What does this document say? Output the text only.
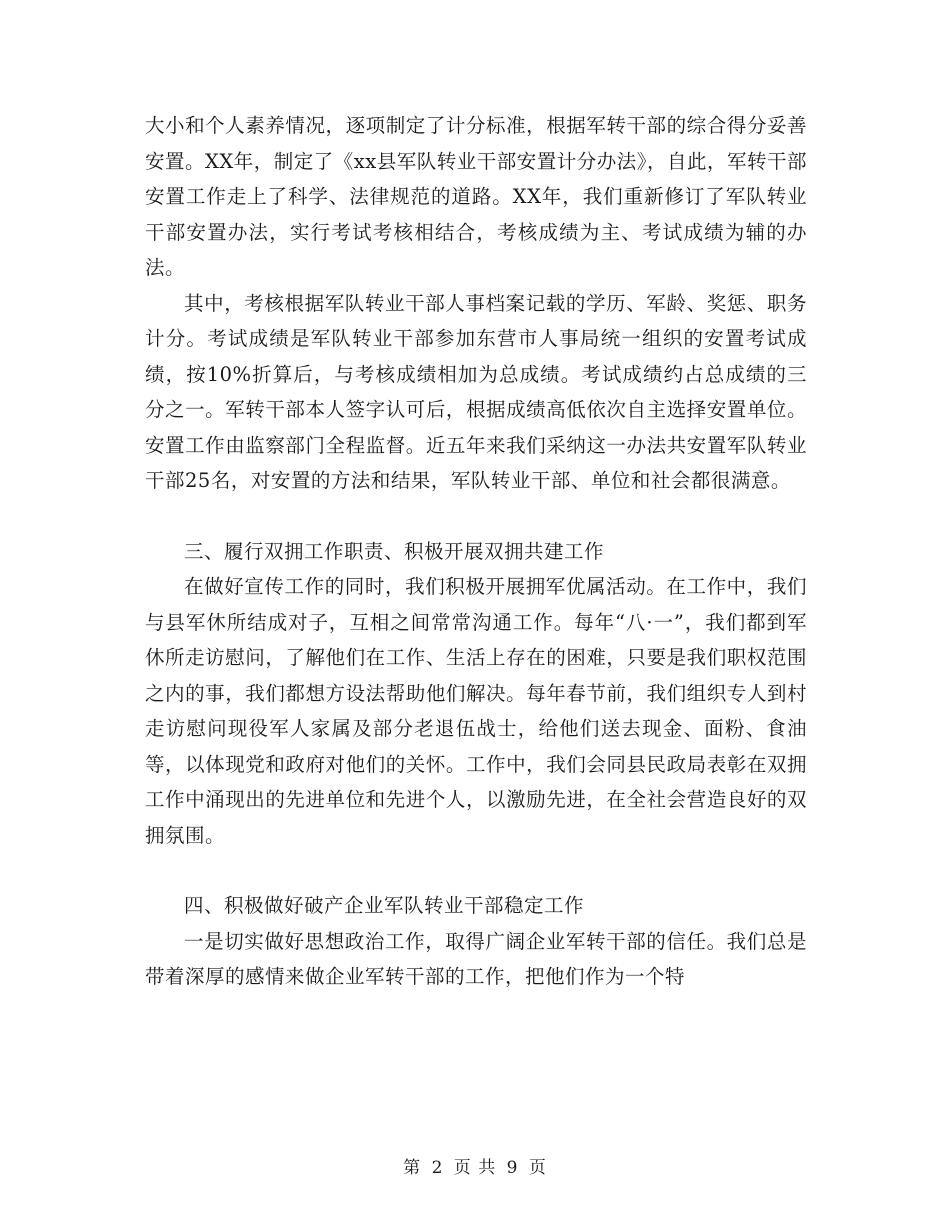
大小和个人素养情况，逐项制定了计分标准，根据军转干部的综合得分妥善安置。XX年，制定了《xx县军队转业干部安置计分办法》，自此，军转干部安置工作走上了科学、法律规范的道路。XX年，我们重新修订了军队转业干部安置办法，实行考试考核相结合，考核成绩为主、考试成绩为辅的办法。

其中，考核根据军队转业干部人事档案记载的学历、军龄、奖惩、职务计分。考试成绩是军队转业干部参加东营市人事局统一组织的安置考试成绩，按10%折算后，与考核成绩相加为总成绩。考试成绩约占总成绩的三分之一。军转干部本人签字认可后，根据成绩高低依次自主选择安置单位。安置工作由监察部门全程监督。近五年来我们采纳这一办法共安置军队转业干部25名，对安置的方法和结果，军队转业干部、单位和社会都很满意。

三、履行双拥工作职责、积极开展双拥共建工作

在做好宣传工作的同时，我们积极开展拥军优属活动。在工作中，我们与县军休所结成对子，互相之间常常沟通工作。每年“八·一”，我们都到军休所走访慰问，了解他们在工作、生活上存在的困难，只要是我们职权范围之内的事，我们都想方设法帮助他们解决。每年春节前，我们组织专人到村走访慰问现役军人家属及部分老退伍战士，给他们送去现金、面粉、食油等，以体现党和政府对他们的关怀。工作中，我们会同县民政局表彰在双拥工作中涌现出的先进单位和先进个人，以激励先进，在全社会营造良好的双拥氛围。

四、积极做好破产企业军队转业干部稳定工作

一是切实做好思想政治工作，取得广阔企业军转干部的信任。我们总是带着深厚的感情来做企业军转干部的工作，把他们作为一个特

第 2 页 共 9 页
